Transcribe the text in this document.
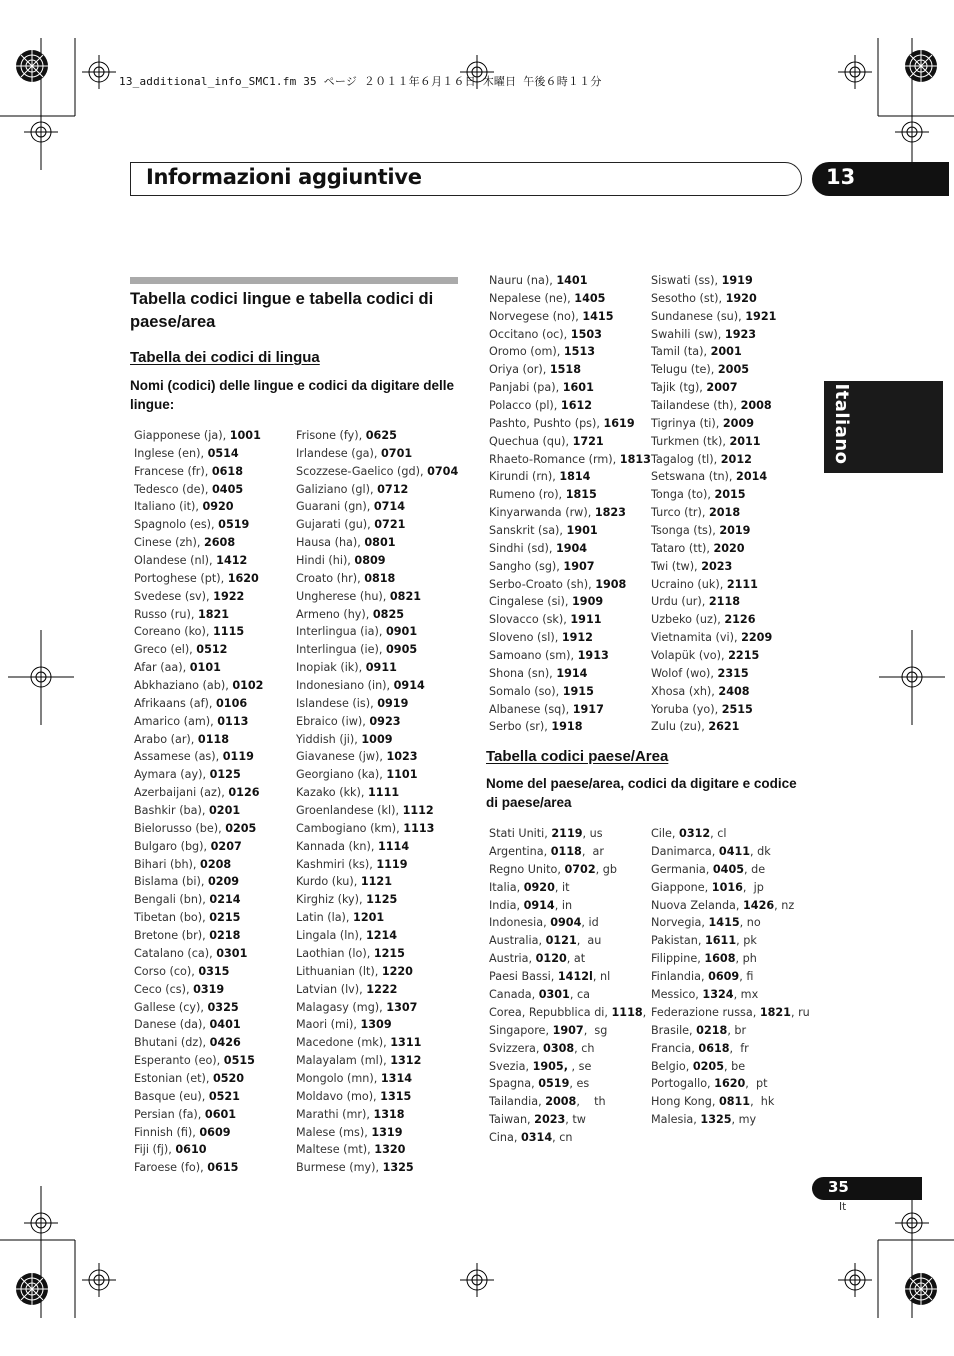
13_additional_info_SMC1.fm 35 ページ ２０１１年６月１６日 木曜日 午後６時１１分
Informazioni aggiuntive	13
Italiano
Tabella codici lingue e tabella codici di paese/area
Tabella dei codici di lingua
Nomi (codici) delle lingue e codici da digitare delle lingue:
Giapponese (ja), 1001
Inglese (en), 0514
Francese (fr), 0618
Tedesco (de), 0405
Italiano (it), 0920
Spagnolo (es), 0519
Cinese (zh), 2608
Olandese (nl), 1412
Portoghese (pt), 1620
Svedese (sv), 1922
Russo (ru), 1821
Coreano (ko), 1115
Greco (el), 0512
Afar (aa), 0101
Abkhaziano (ab), 0102
Afrikaans (af), 0106
Amarico (am), 0113
Arabo (ar), 0118
Assamese (as), 0119
Aymara (ay), 0125
Azerbaijani (az), 0126
Bashkir (ba), 0201
Bielorusso (be), 0205
Bulgaro (bg), 0207
Bihari (bh), 0208
Bislama (bi), 0209
Bengali (bn), 0214
Tibetan (bo), 0215
Bretone (br), 0218
Catalano (ca), 0301
Corso (co), 0315
Ceco (cs), 0319
Gallese (cy), 0325
Danese (da), 0401
Bhutani (dz), 0426
Esperanto (eo), 0515
Estonian (et), 0520
Basque (eu), 0521
Persian (fa), 0601
Finnish (fi), 0609
Fiji (fj), 0610
Faroese (fo), 0615
Frisone (fy), 0625
Irlandese (ga), 0701
Scozzese-Gaelico (gd), 0704
Galiziano (gl), 0712
Guarani (gn), 0714
Gujarati (gu), 0721
Hausa (ha), 0801
Hindi (hi), 0809
Croato (hr), 0818
Ungherese (hu), 0821
Armeno (hy), 0825
Interlingua (ia), 0901
Interlingua (ie), 0905
Inopiak (ik), 0911
Indonesiano (in), 0914
Islandese (is), 0919
Ebraico (iw), 0923
Yiddish (ji), 1009
Giavanese (jw), 1023
Georgiano (ka), 1101
Kazako (kk), 1111
Groenlandese (kl), 1112
Cambogiano (km), 1113
Kannada (kn), 1114
Kashmiri (ks), 1119
Kurdo (ku), 1121
Kirghiz (ky), 1125
Latin (la), 1201
Lingala (ln), 1214
Laothian (lo), 1215
Lithuanian (lt), 1220
Latvian (lv), 1222
Malagasy (mg), 1307
Maori (mi), 1309
Macedone (mk), 1311
Malayalam (ml), 1312
Mongolo (mn), 1314
Moldavo (mo), 1315
Marathi (mr), 1318
Malese (ms), 1319
Maltese (mt), 1320
Burmese (my), 1325
Nauru (na), 1401
Nepalese (ne), 1405
Norvegese (no), 1415
Occitano (oc), 1503
Oromo (om), 1513
Oriya (or), 1518
Panjabi (pa), 1601
Polacco (pl), 1612
Pashto, Pushto (ps), 1619
Quechua (qu), 1721
Rhaeto-Romance (rm), 1813
Kirundi (rn), 1814
Rumeno (ro), 1815
Kinyarwanda (rw), 1823
Sanskrit (sa), 1901
Sindhi (sd), 1904
Sangho (sg), 1907
Serbo-Croato (sh), 1908
Cingalese (si), 1909
Slovacco (sk), 1911
Sloveno (sl), 1912
Samoano (sm), 1913
Shona (sn), 1914
Somalo (so), 1915
Albanese (sq), 1917
Serbo (sr), 1918
Siswati (ss), 1919
Sesotho (st), 1920
Sundanese (su), 1921
Swahili (sw), 1923
Tamil (ta), 2001
Telugu (te), 2005
Tajik (tg), 2007
Tailandese (th), 2008
Tigrinya (ti), 2009
Turkmen (tk), 2011
Tagalog (tl), 2012
Setswana (tn), 2014
Tonga (to), 2015
Turco (tr), 2018
Tsonga (ts), 2019
Tataro (tt), 2020
Twi (tw), 2023
Ucraino (uk), 2111
Urdu (ur), 2118
Uzbeko (uz), 2126
Vietnamita (vi), 2209
Volapük (vo), 2215
Wolof (wo), 2315
Xhosa (xh), 2408
Yoruba (yo), 2515
Zulu (zu), 2621
Tabella codici paese/Area
Nome del paese/area, codici da digitare e codice di paese/area
Stati Uniti, 2119, us
Argentina, 0118,  ar
Regno Unito, 0702, gb
Italia, 0920, it
India, 0914, in
Indonesia, 0904, id
Australia, 0121,  au
Austria, 0120, at
Paesi Bassi, 1412l, nl
Canada, 0301, ca
Corea, Repubblica di, 1118,
Singapore, 1907,  sg
Svizzera, 0308, ch
Svezia, 1905, , se
Spagna, 0519, es
Tailandia, 2008,    th
Taiwan, 2023, tw
Cina, 0314, cn
Cile, 0312, cl
Danimarca, 0411, dk
Germania, 0405, de
Giappone, 1016,  jp
Nuova Zelanda, 1426, nz
Norvegia, 1415, no
Pakistan, 1611, pk
Filippine, 1608, ph
Finlandia, 0609, fi
Messico, 1324, mx
Federazione russa, 1821, ru
Brasile, 0218, br
Francia, 0618,  fr
Belgio, 0205, be
Portogallo, 1620,  pt
Hong Kong, 0811,  hk
Malesia, 1325, my
35
It
